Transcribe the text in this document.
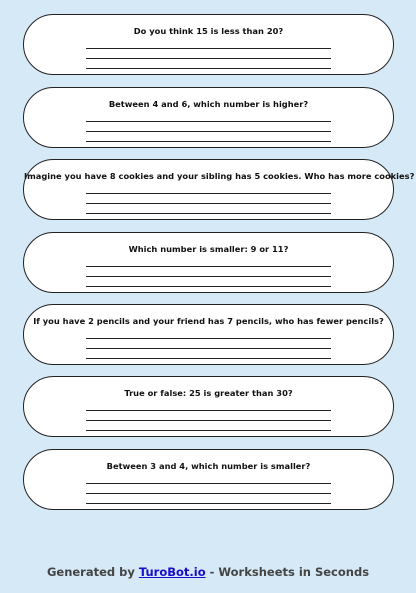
Do you think 15 is less than 20?
Between 4 and 6, which number is higher?
Imagine you have 8 cookies and your sibling has 5 cookies. Who has more cookies?
Which number is smaller: 9 or 11?
If you have 2 pencils and your friend has 7 pencils, who has fewer pencils?
True or false: 25 is greater than 30?
Between 3 and 4, which number is smaller?
Generated by TuroBot.io - Worksheets in Seconds
